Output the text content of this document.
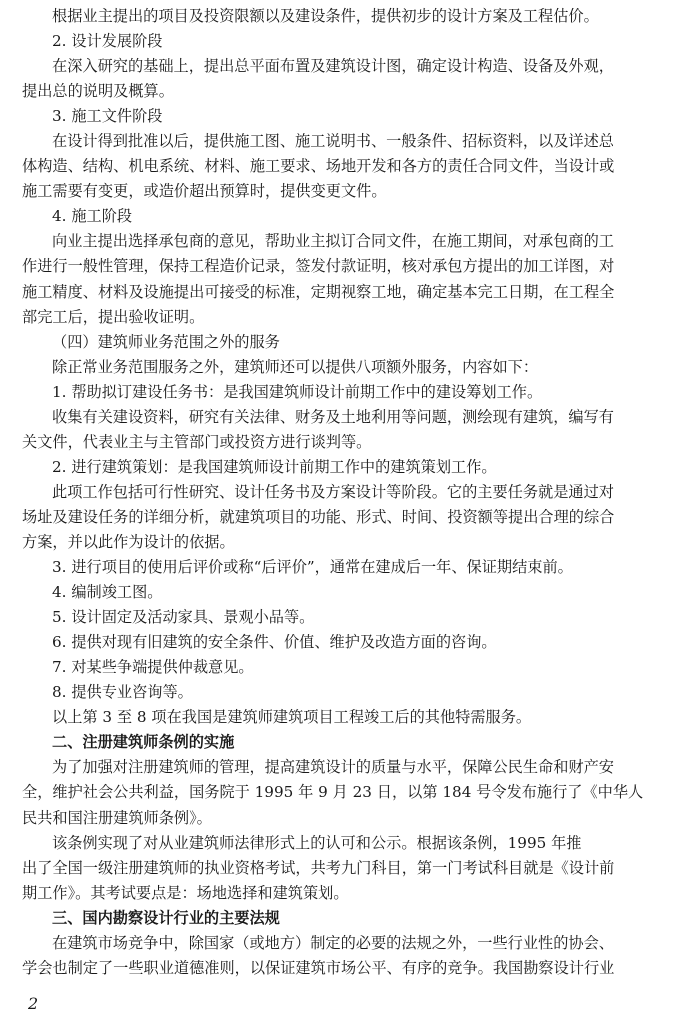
根据业主提出的项目及投资限额以及建设条件，提供初步的设计方案及工程估价。
2. 设计发展阶段
在深入研究的基础上，提出总平面布置及建筑设计图，确定设计构造、设备及外观，
提出总的说明及概算。
3. 施工文件阶段
在设计得到批准以后，提供施工图、施工说明书、一般条件、招标资料，以及详述总
体构造、结构、机电系统、材料、施工要求、场地开发和各方的责任合同文件，当设计或
施工需要有变更，或造价超出预算时，提供变更文件。
4. 施工阶段
向业主提出选择承包商的意见，帮助业主拟订合同文件，在施工期间，对承包商的工
作进行一般性管理，保持工程造价记录，签发付款证明，核对承包方提出的加工详图，对
施工精度、材料及设施提出可接受的标准，定期视察工地，确定基本完工日期，在工程全
部完工后，提出验收证明。
（四）建筑师业务范围之外的服务
除正常业务范围服务之外，建筑师还可以提供八项额外服务，内容如下：
1. 帮助拟订建设任务书：是我国建筑师设计前期工作中的建设筹划工作。
收集有关建设资料，研究有关法律、财务及土地利用等问题，测绘现有建筑，编写有
关文件，代表业主与主管部门或投资方进行谈判等。
2. 进行建筑策划：是我国建筑师设计前期工作中的建筑策划工作。
此项工作包括可行性研究、设计任务书及方案设计等阶段。它的主要任务就是通过对
场址及建设任务的详细分析，就建筑项目的功能、形式、时间、投资额等提出合理的综合
方案，并以此作为设计的依据。
3. 进行项目的使用后评价或称“后评价”，通常在建成后一年、保证期结束前。
4. 编制竣工图。
5. 设计固定及活动家具、景观小品等。
6. 提供对现有旧建筑的安全条件、价值、维护及改造方面的咨询。
7. 对某些争端提供仲裁意见。
8. 提供专业咨询等。
以上第 3 至 8 项在我国是建筑师建筑项目工程竣工后的其他特需服务。
二、注册建筑师条例的实施
为了加强对注册建筑师的管理，提高建筑设计的质量与水平，保障公民生命和财产安
全，维护社会公共利益，国务院于 1995 年 9 月 23 日，以第 184 号令发布施行了《中华人
民共和国注册建筑师条例》。
该条例实现了对从业建筑师法律形式上的认可和公示。根据该条例，1995 年推
出了全国一级注册建筑师的执业资格考试，共考九门科目，第一门考试科目就是《设计前
期工作》。其考试要点是：场地选择和建筑策划。
三、国内勘察设计行业的主要法规
在建筑市场竞争中，除国家（或地方）制定的必要的法规之外，一些行业性的协会、
学会也制定了一些职业道德准则，以保证建筑市场公平、有序的竞争。我国勘察设计行业
2
